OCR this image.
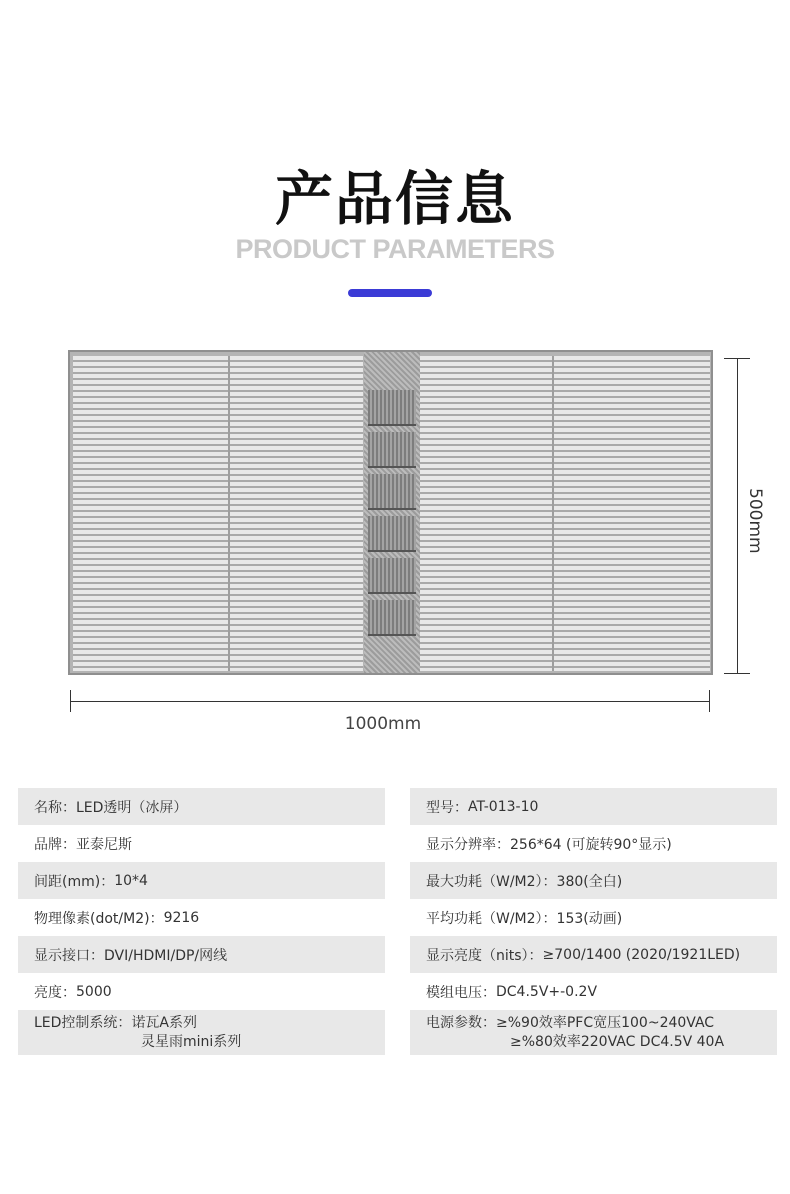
产品信息
PRODUCT PARAMETERS
500mm
1000mm
名称： LED透明（冰屏）
品牌： 亚泰尼斯
间距(mm)： 10*4
物理像素(dot/M2)： 9216
显示接口： DVI/HDMI/DP/网线
亮度： 5000
LED控制系统：诺瓦A系列
灵星雨mini系列
型号： AT-013-10
显示分辨率： 256*64 (可旋转90°显示)
最大功耗（W/M2）： 380(全白)
平均功耗（W/M2）： 153(动画)
显示亮度（nits）： ≥700/1400 (2020/1921LED)
模组电压： DC4.5V+-0.2V
电源参数：≥%90效率PFC宽压100~240VAC
≥%80效率220VAC DC4.5V 40A
